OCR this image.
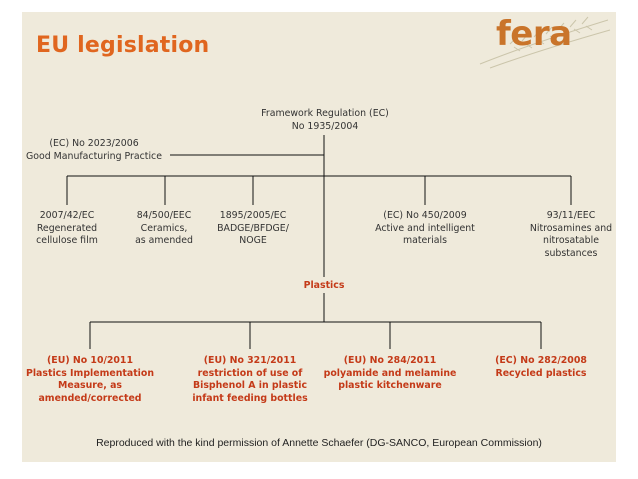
EU legislation	fera
Framework Regulation (EC)
No 1935/2004
(EC) No 2023/2006
Good Manufacturing Practice
2007/42/EC
Regenerated
cellulose film
84/500/EEC
Ceramics,
as amended
1895/2005/EC
BADGE/BFDGE/
NOGE
Plastics
(EC) No 450/2009
Active and intelligent
materials
93/11/EEC
Nitrosamines and
nitrosatable
substances
(EU) No 10/2011
Plastics Implementation
Measure, as
amended/corrected
(EU) No 321/2011
restriction of use of
Bisphenol A in plastic
infant feeding bottles
(EU) No 284/2011
polyamide and melamine
plastic kitchenware
(EC) No 282/2008
Recycled plastics
Reproduced with the kind permission of Annette Schaefer (DG-SANCO, European Commission)
